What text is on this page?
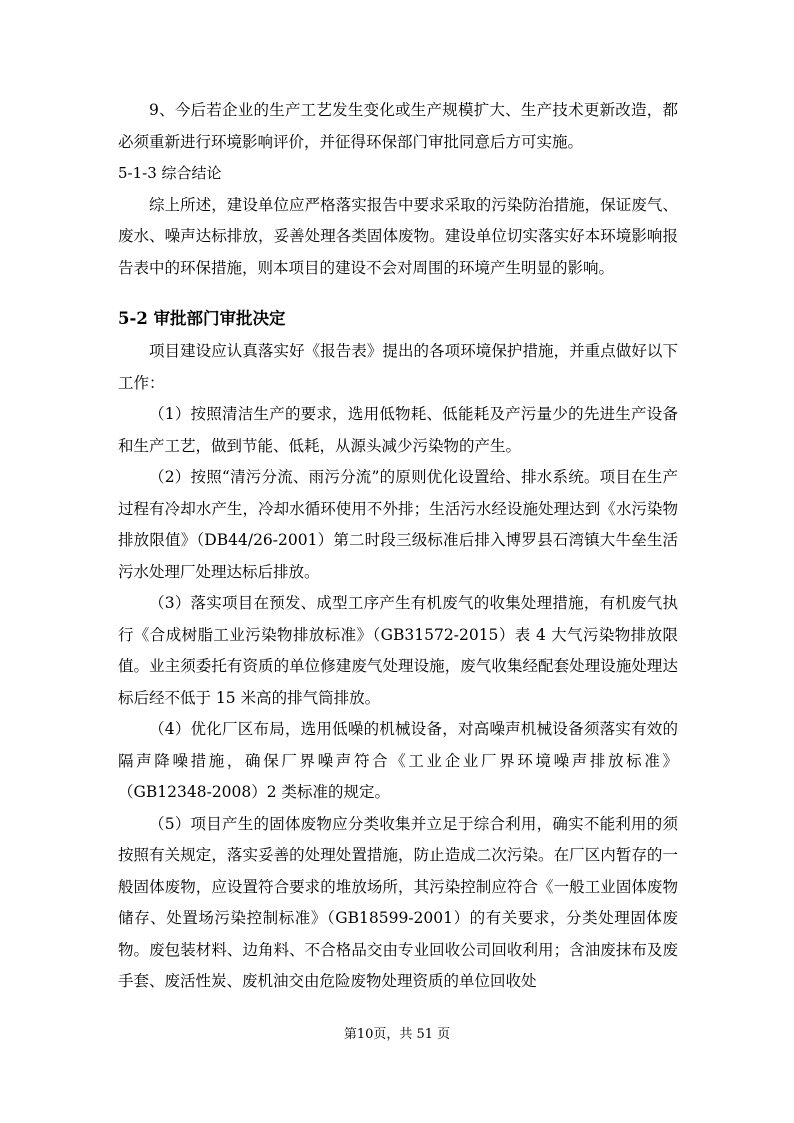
9、今后若企业的生产工艺发生变化或生产规模扩大、生产技术更新改造，都必须重新进行环境影响评价，并征得环保部门审批同意后方可实施。

5-1-3 综合结论

综上所述，建设单位应严格落实报告中要求采取的污染防治措施，保证废气、废水、噪声达标排放，妥善处理各类固体废物。建设单位切实落实好本环境影响报告表中的环保措施，则本项目的建设不会对周围的环境产生明显的影响。

5-2 审批部门审批决定

项目建设应认真落实好《报告表》提出的各项环境保护措施，并重点做好以下工作：

（1）按照清洁生产的要求，选用低物耗、低能耗及产污量少的先进生产设备和生产工艺，做到节能、低耗，从源头减少污染物的产生。

（2）按照“清污分流、雨污分流”的原则优化设置给、排水系统。项目在生产过程有冷却水产生，冷却水循环使用不外排；生活污水经设施处理达到《水污染物排放限值》（DB44/26-2001）第二时段三级标准后排入博罗县石湾镇大牛垒生活污水处理厂处理达标后排放。

（3）落实项目在预发、成型工序产生有机废气的收集处理措施，有机废气执行《合成树脂工业污染物排放标准》（GB31572-2015）表 4 大气污染物排放限值。业主须委托有资质的单位修建废气处理设施，废气收集经配套处理设施处理达标后经不低于 15 米高的排气筒排放。

（4）优化厂区布局，选用低噪的机械设备，对高噪声机械设备须落实有效的隔声降噪措施，确保厂界噪声符合《工业企业厂界环境噪声排放标准》（GB12348-2008）2 类标准的规定。

（5）项目产生的固体废物应分类收集并立足于综合利用，确实不能利用的须按照有关规定，落实妥善的处理处置措施，防止造成二次污染。在厂区内暂存的一般固体废物，应设置符合要求的堆放场所，其污染控制应符合《一般工业固体废物储存、处置场污染控制标准》（GB18599-2001）的有关要求，分类处理固体废物。废包装材料、边角料、不合格品交由专业回收公司回收利用；含油废抹布及废手套、废活性炭、废机油交由危险废物处理资质的单位回收处

第10页，共 51 页
